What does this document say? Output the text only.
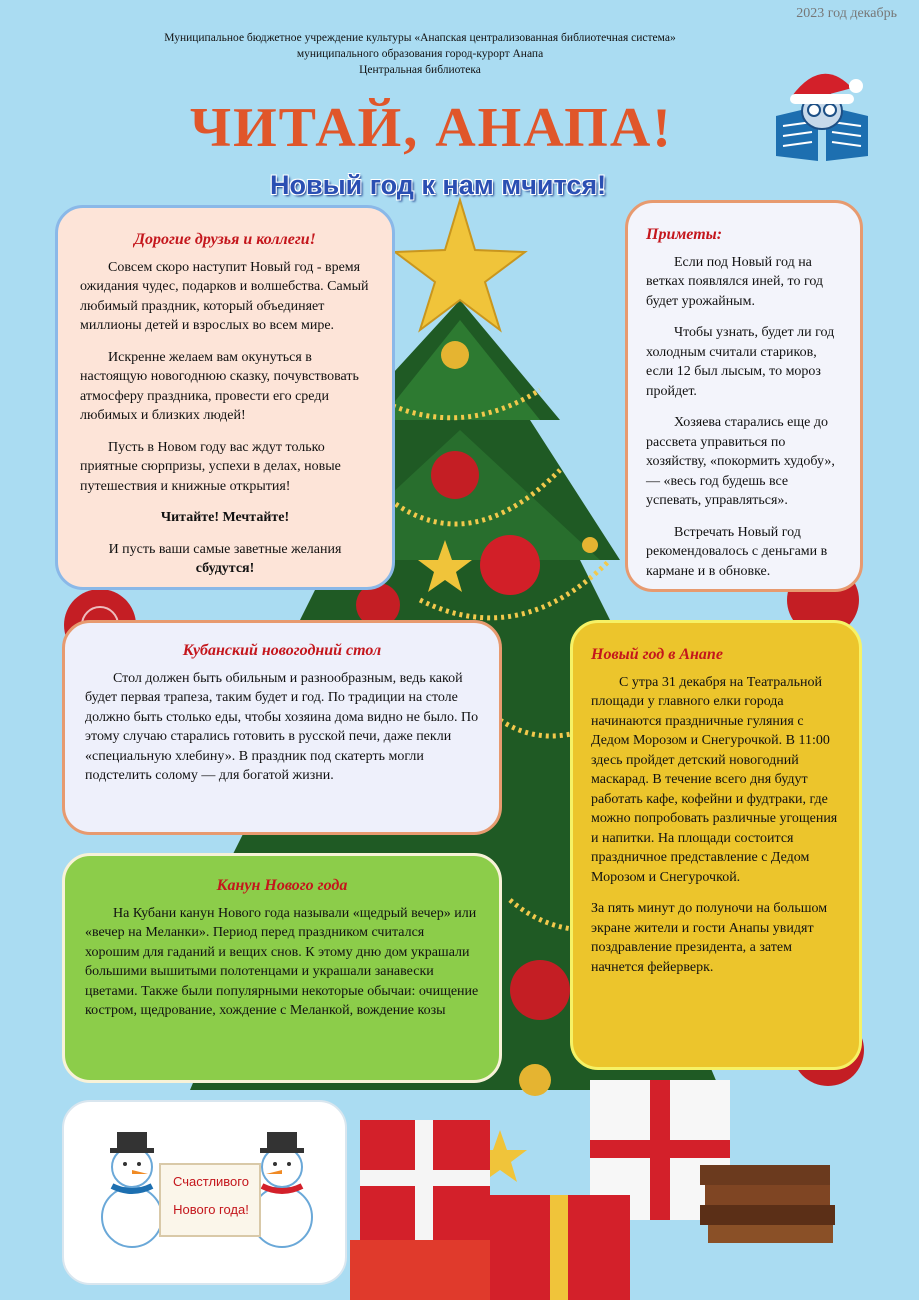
2023 год декабрь
Муниципальное бюджетное учреждение культуры «Анапская централизованная библиотечная система»
муниципального образования город-курорт Анапа
Центральная библиотека
ЧИТАЙ, АНАПА!
Новый год к нам мчится!
Дорогие друзья и коллеги!

Совсем скоро наступит Новый год - время ожидания чудес, подарков и волшебства. Самый любимый праздник, который объединяет миллионы детей и взрослых во всем мире.

Искренне желаем вам окунуться в настоящую новогоднюю сказку, почувствовать атмосферу праздника, провести его среди любимых и близких людей!

Пусть в Новом году вас ждут только приятные сюрпризы, успехи в делах, новые путешествия и книжные открытия!

Читайте! Мечтайте!

И пусть ваши самые заветные желания
сбудутся!

Приметы:

Если под Новый год на ветках появлялся иней, то год будет урожайным.

Чтобы узнать, будет ли год холодным считали стариков, если 12 был лысым, то мороз пройдет.

Хозяева старались еще до рассвета управиться по хозяйству, «покормить худобу», — «весь год будешь все успевать, управляться».

Встречать Новый год рекомендовалось с деньгами в кармане и в обновке.

Кубанский новогодний стол

Стол должен быть обильным и разнообразным, ведь какой будет первая трапеза, таким будет и год. По традиции на столе должно быть столько еды, чтобы хозяина дома видно не было. По этому случаю старались готовить в русской печи, даже пекли «специальную хлебину». В праздник под скатерть могли подстелить солому — для богатой жизни.

Новый год в Анапе

С утра 31 декабря на Театральной площади у главного елки города начинаются праздничные гуляния с Дедом Морозом и Снегурочкой. В 11:00 здесь пройдет детский новогодний маскарад. В течение всего дня будут работать кафе, кофейни и фудтраки, где можно попробовать различные угощения и напитки. На площади состоится праздничное представление с Дедом Морозом и Снегурочкой.

За пять минут до полуночи на большом экране жители и гости Анапы увидят поздравление президента, а затем начнется фейерверк.

Канун Нового года

На Кубани канун Нового года называли «щедрый вечер» или «вечер на Меланки». Период перед праздником считался хорошим для гаданий и вещих снов. К этому дню дом украшали большими вышитыми полотенцами и украшали занавески цветами. Также были популярными некоторые обычаи: очищение костром, щедрование, хождение с Меланкой, вождение козы

Счастливого
Нового года!
